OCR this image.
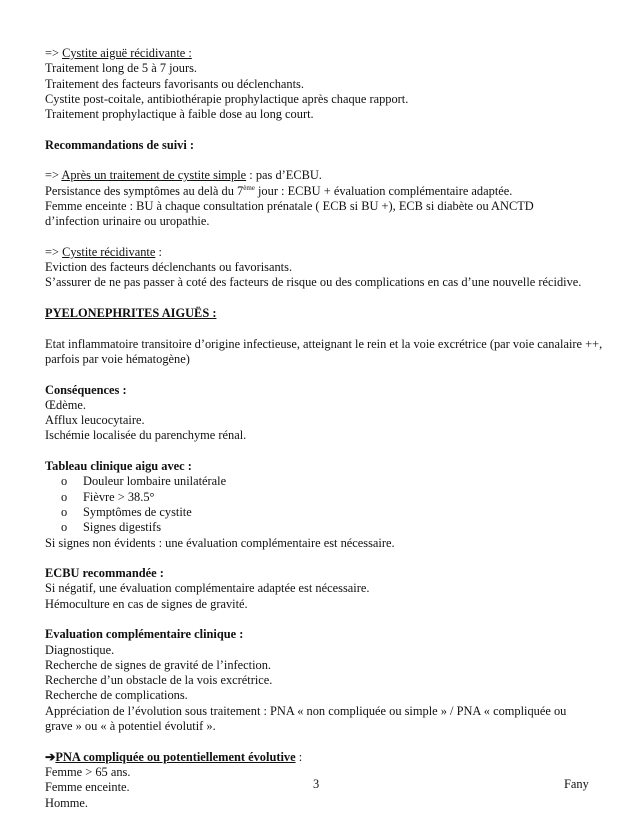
=> Cystite aiguë récidivante :
Traitement long de 5 à 7 jours.
Traitement des facteurs favorisants ou déclenchants.
Cystite post-coitale, antibiothérapie prophylactique après chaque rapport.
Traitement prophylactique à faible dose au long court.
Recommandations de suivi :
=> Après un traitement de cystite simple : pas d’ECBU.
Persistance des symptômes au delà du 7ème jour : ECBU + évaluation complémentaire adaptée.
Femme enceinte : BU à chaque consultation prénatale ( ECB si BU +), ECB si diabète ou ANCTD
d’infection urinaire ou uropathie.
=> Cystite récidivante :
Eviction des facteurs déclenchants ou favorisants.
S’assurer de ne pas passer à coté des facteurs de risque ou des complications en cas d’une nouvelle récidive.
PYELONEPHRITES AIGUËS :
Etat inflammatoire transitoire d’origine infectieuse, atteignant le rein et la voie excrétrice (par voie canalaire ++, parfois par voie hématogène)
Conséquences :
Œdème.
Afflux leucocytaire.
Ischémie localisée du parenchyme rénal.
Tableau clinique aigu avec :
o Douleur lombaire unilatérale
o Fièvre > 38.5°
o Symptômes de cystite
o Signes digestifs
Si signes non évidents : une évaluation complémentaire est nécessaire.
ECBU recommandée :
Si négatif, une évaluation complémentaire adaptée est nécessaire.
Hémoculture en cas de signes de gravité.
Evaluation complémentaire clinique :
Diagnostique.
Recherche de signes de gravité de l’infection.
Recherche d’un obstacle de la vois excrétrice.
Recherche de complications.
Appréciation de l’évolution sous traitement : PNA « non compliquée ou simple » / PNA « compliquée ou
grave » ou « à potentiel évolutif ».
➔PNA compliquée ou potentiellement évolutive :
Femme > 65 ans.
Femme enceinte.
Homme.
3	Fany
